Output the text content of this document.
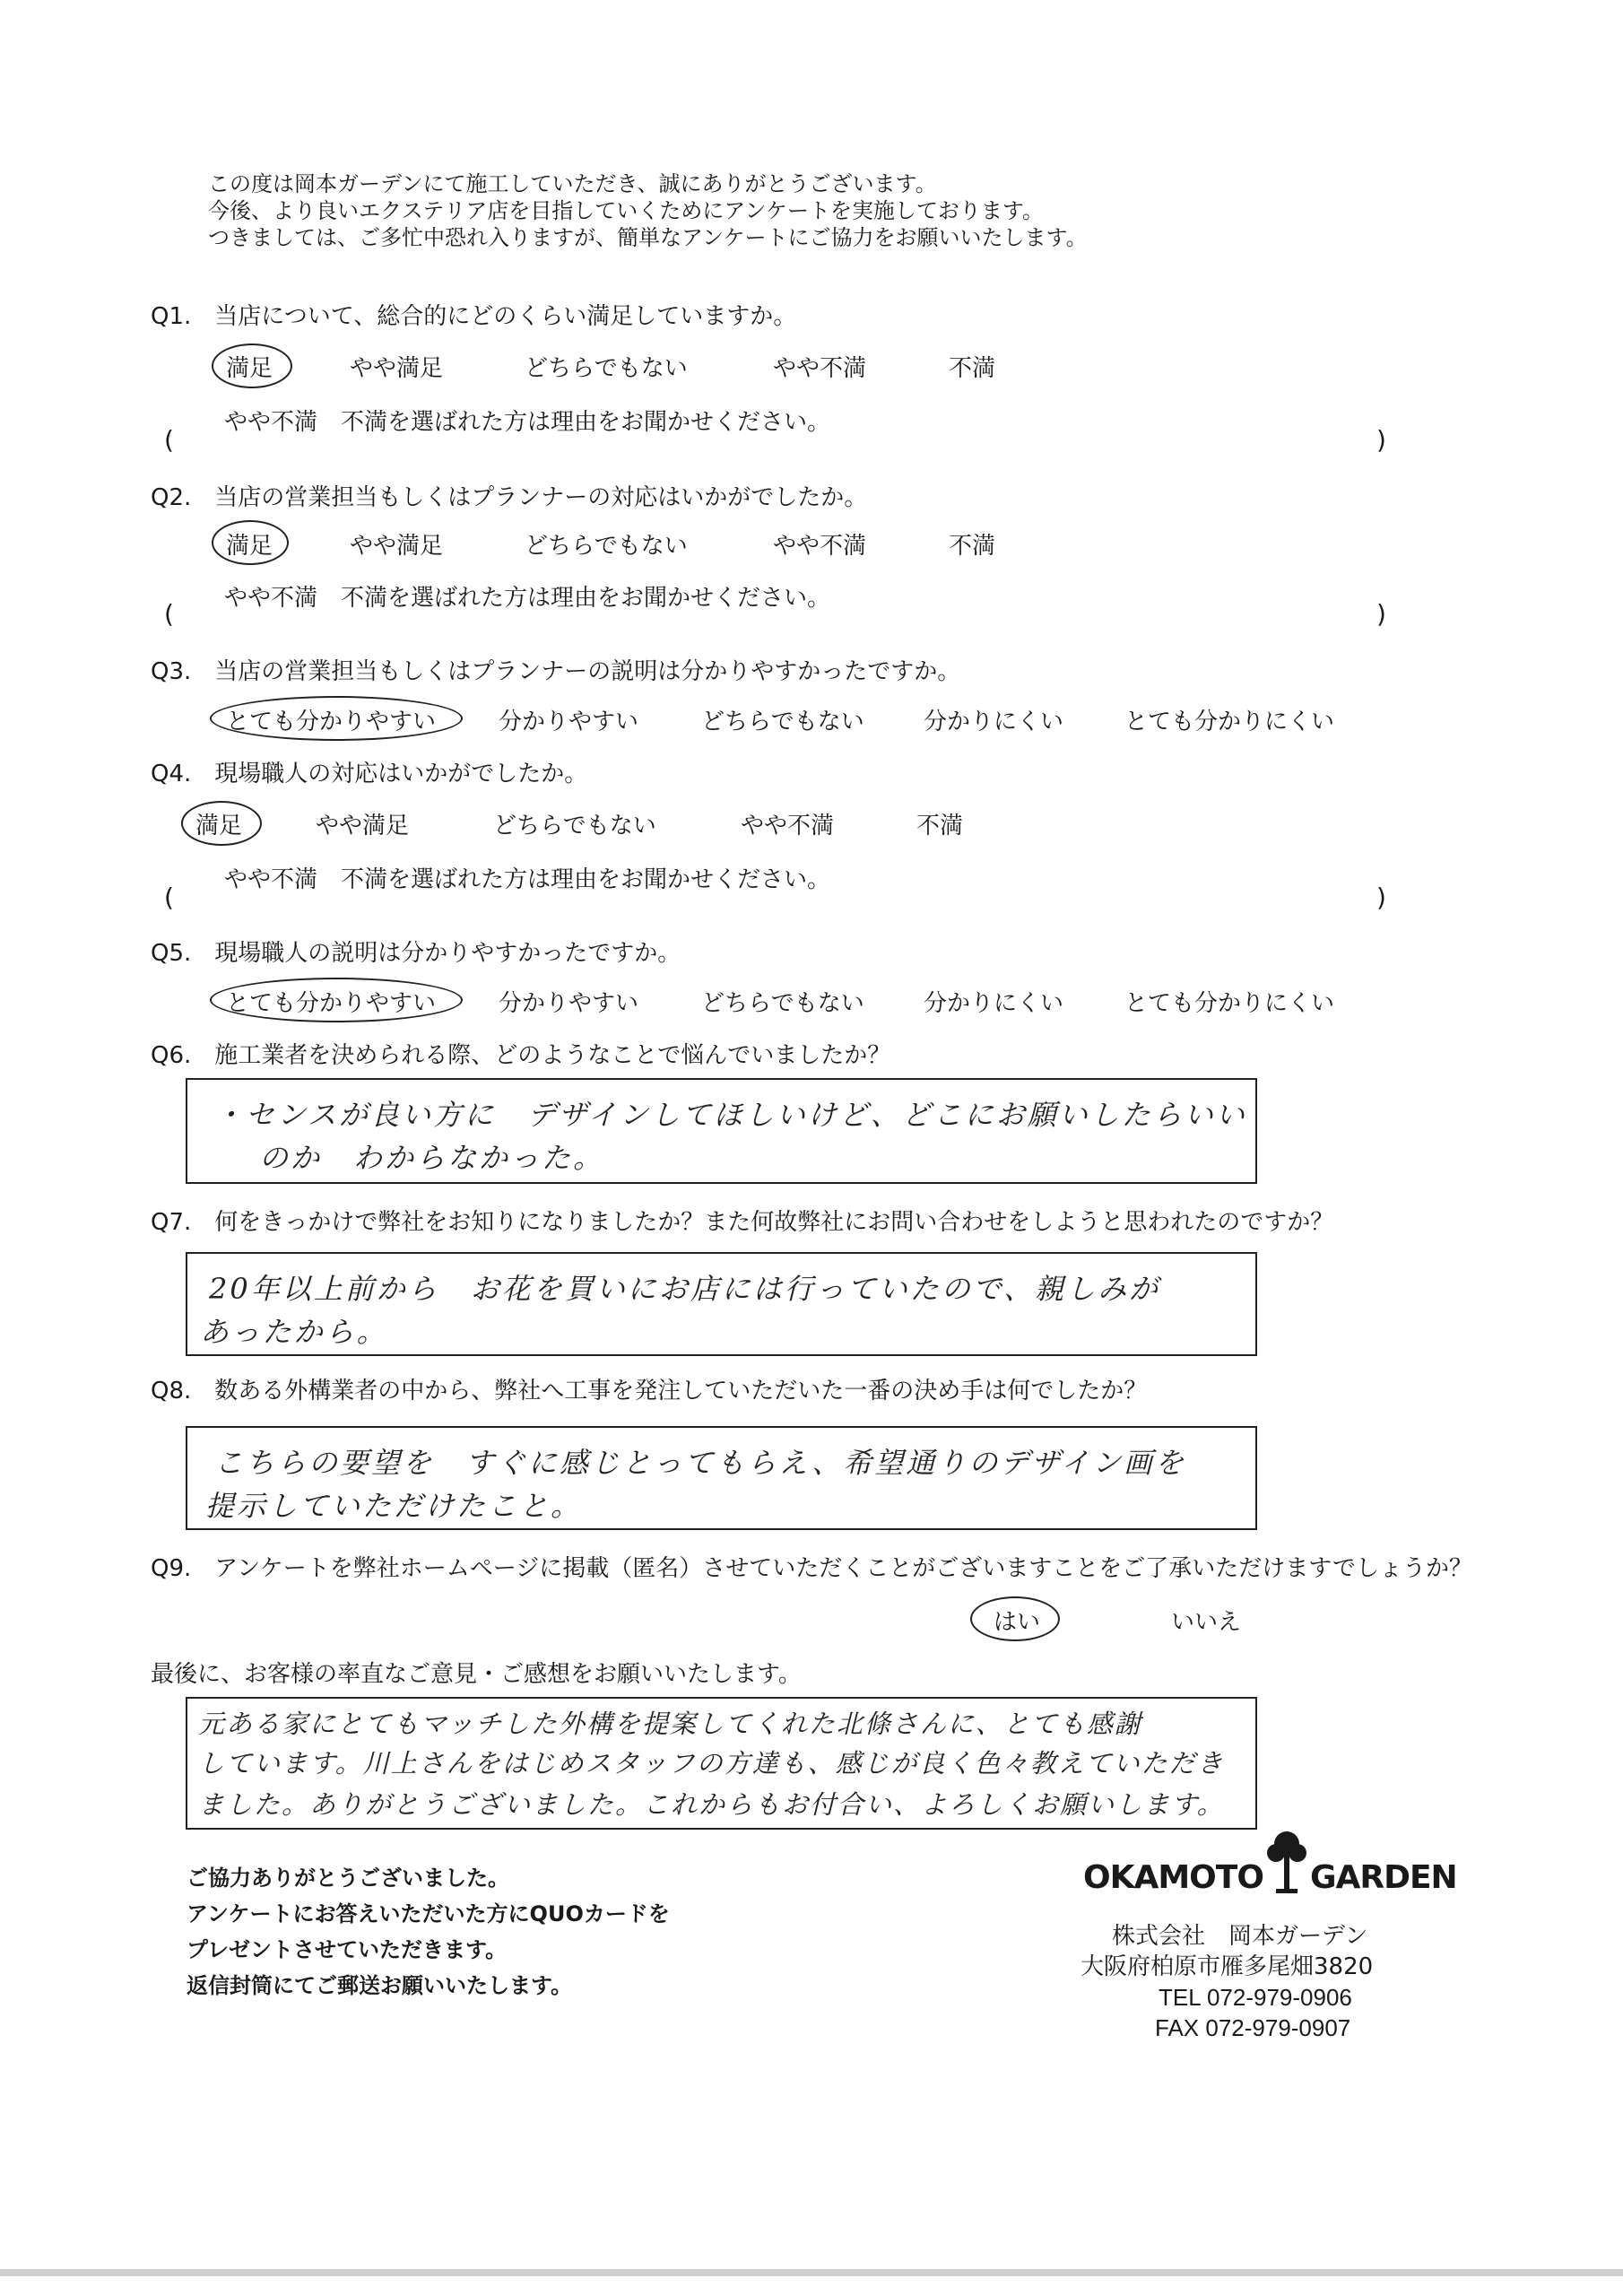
この度は岡本ガーデンにて施工していただき、誠にありがとうございます。
今後、より良いエクステリア店を目指していくためにアンケートを実施しております。
つきましては、ご多忙中恐れ入りますが、簡単なアンケートにご協力をお願いいたします。
Q1.　当店について、総合的にどのくらい満足していますか。
満足	やや満足	どちらでもない	やや不満	不満
やや不満　不満を選ばれた方は理由をお聞かせください。
(	)
Q2.　当店の営業担当もしくはプランナーの対応はいかがでしたか。
満足	やや満足	どちらでもない	やや不満	不満
やや不満　不満を選ばれた方は理由をお聞かせください。
(	)
Q3.　当店の営業担当もしくはプランナーの説明は分かりやすかったですか。
とても分かりやすい	分かりやすい	どちらでもない	分かりにくい	とても分かりにくい
Q4.　現場職人の対応はいかがでしたか。
満足	やや満足	どちらでもない	やや不満	不満
やや不満　不満を選ばれた方は理由をお聞かせください。
(	)
Q5.　現場職人の説明は分かりやすかったですか。
とても分かりやすい	分かりやすい	どちらでもない	分かりにくい	とても分かりにくい
Q6.　施工業者を決められる際、どのようなことで悩んでいましたか？
・センスが良い方に　デザインしてほしいけど、どこにお願いしたらいい
のか　わからなかった。
Q7.　何をきっかけで弊社をお知りになりましたか？また何故弊社にお問い合わせをしようと思われたのですか？
20年以上前から　お花を買いにお店には行っていたので、親しみが
あったから。
Q8.　数ある外構業者の中から、弊社へ工事を発注していただいた一番の決め手は何でしたか？
こちらの要望を　すぐに感じとってもらえ、希望通りのデザイン画を
提示していただけたこと。
Q9.　アンケートを弊社ホームページに掲載（匿名）させていただくことがございますことをご了承いただけますでしょうか？
はい	いいえ
最後に、お客様の率直なご意見・ご感想をお願いいたします。
元ある家にとてもマッチした外構を提案してくれた北條さんに、とても感謝
しています。川上さんをはじめスタッフの方達も、感じが良く色々教えていただき
ました。ありがとうございました。これからもお付合い、よろしくお願いします。
ご協力ありがとうございました。
アンケートにお答えいただいた方にQUOカードを
プレゼントさせていただきます。
返信封筒にてご郵送お願いいたします。
OKAMOTO GARDEN
株式会社　岡本ガーデン
大阪府柏原市雁多尾畑3820
TEL 072-979-0906
FAX 072-979-0907
